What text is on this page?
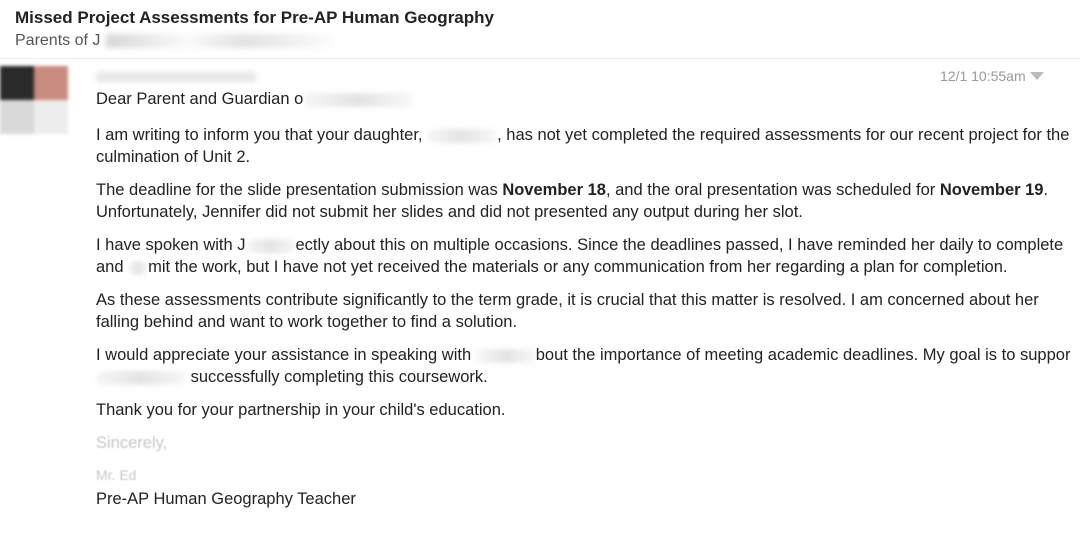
Missed Project Assessments for Pre-AP Human Geography
Parents of J
12/1 10:55am

Dear Parent and Guardian o

I am writing to inform you that your daughter,	, has not yet completed the required assessments for our recent project for the culmination of Unit 2.

The deadline for the slide presentation submission was November 18, and the oral presentation was scheduled for November 19. Unfortunately, Jennifer did not submit her slides and did not presented any output during her slot.

I have spoken with J	ectly about this on multiple occasions. Since the deadlines passed, I have reminded her daily to complete and mit the work, but I have not yet received the materials or any communication from her regarding a plan for completion.

As these assessments contribute significantly to the term grade, it is crucial that this matter is resolved. I am concerned about her falling behind and want to work together to find a solution.

I would appreciate your assistance in speaking with	bout the importance of meeting academic deadlines. My goal is to suppor successfully completing this coursework.

Thank you for your partnership in your child's education.

Sincerely,

Mr. Ed

Pre-AP Human Geography Teacher
